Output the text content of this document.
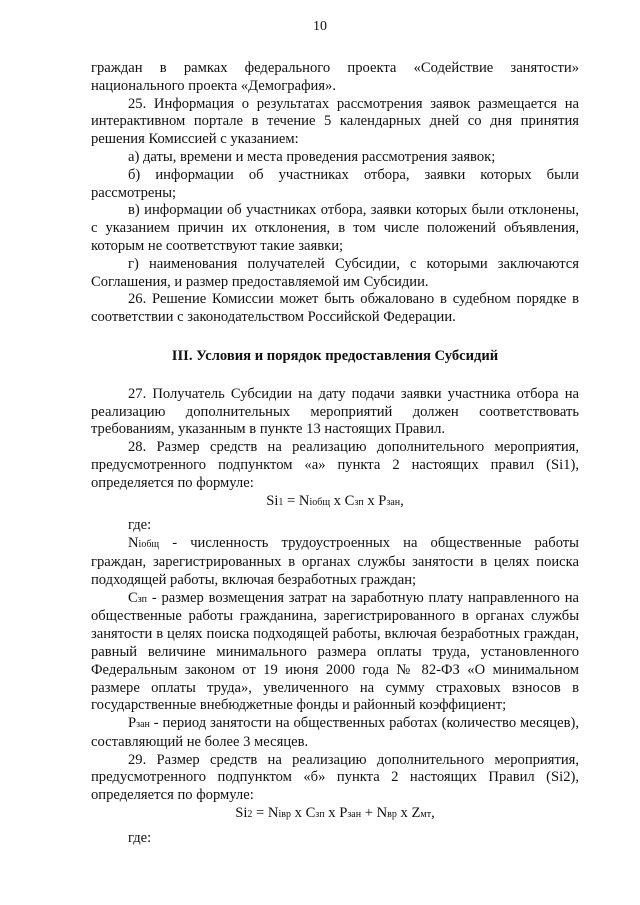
10

граждан в рамках федерального проекта «Содействие занятости» национального проекта «Демография».

25. Информация о результатах рассмотрения заявок размещается на интерактивном портале в течение 5 календарных дней со дня принятия решения Комиссией с указанием:

а) даты, времени и места проведения рассмотрения заявок;

б) информации об участниках отбора, заявки которых были рассмотрены;

в) информации об участниках отбора, заявки которых были отклонены, с указанием причин их отклонения, в том числе положений объявления, которым не соответствуют такие заявки;

г) наименования получателей Субсидии, с которыми заключаются Соглашения, и размер предоставляемой им Субсидии.

26. Решение Комиссии может быть обжаловано в судебном порядке в соответствии с законодательством Российской Федерации.

III. Условия и порядок предоставления Субсидий

27. Получатель Субсидии на дату подачи заявки участника отбора на реализацию дополнительных мероприятий должен соответствовать требованиям, указанным в пункте 13 настоящих Правил.

28. Размер средств на реализацию дополнительного мероприятия, предусмотренного подпунктом «а» пункта 2 настоящих правил (Si1), определяется по формуле:

Si1 = Niобщ x Cзп x Pзан,

где:

Niобщ - численность трудоустроенных на общественные работы граждан, зарегистрированных в органах службы занятости в целях поиска подходящей работы, включая безработных граждан;

Cзп - размер возмещения затрат на заработную плату направленного на общественные работы гражданина, зарегистрированного в органах службы занятости в целях поиска подходящей работы, включая безработных граждан, равный величине минимального размера оплаты труда, установленного Федеральным законом от 19 июня 2000 года № 82-ФЗ «О минимальном размере оплаты труда», увеличенного на сумму страховых взносов в государственные внебюджетные фонды и районный коэффициент;

Pзан - период занятости на общественных работах (количество месяцев), составляющий не более 3 месяцев.

29. Размер средств на реализацию дополнительного мероприятия, предусмотренного подпунктом «б» пункта 2 настоящих Правил (Si2), определяется по формуле:

Si2 = Niвр x Cзп x Pзан + Nвр x Zмт,

где:
